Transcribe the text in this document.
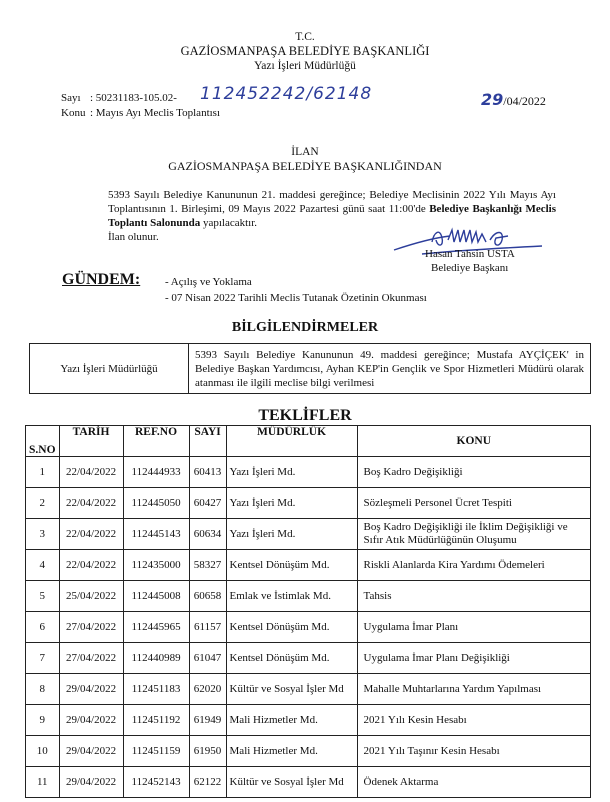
T.C.
GAZİOSMANPAŞA BELEDİYE BAŞKANLIĞI
Yazı İşleri Müdürlüğü
Sayı : 50231183-105.02- 112452242/62148	29/04/2022
Konu : Mayıs Ayı Meclis Toplantısı
İLAN
GAZİOSMANPAŞA BELEDİYE BAŞKANLIĞINDAN
5393 Sayılı Belediye Kanununun 21. maddesi gereğince; Belediye Meclisinin 2022 Yılı Mayıs Ayı Toplantısının 1. Birleşimi, 09 Mayıs 2022 Pazartesi günü saat 11:00'de Belediye Başkanlığı Meclis Toplantı Salonunda yapılacaktır.
İlan olunur.
Hasan Tahsin USTA
Belediye Başkanı
GÜNDEM: - Açılış ve Yoklama
- 07 Nisan 2022 Tarihli Meclis Tutanak Özetinin Okunması
BİLGİLENDİRMELER
Yazı İşleri Müdürlüğü	5393 Sayılı Belediye Kanununun 49. maddesi gereğince; Mustafa AYÇİÇEK' in Belediye Başkan Yardımcısı, Ayhan KEP'in Gençlik ve Spor Hizmetleri Müdürü olarak atanması ile ilgili meclise bilgi verilmesi
TEKLİFLER
S.NO	TARİH	REF.NO	SAYI	MÜDÜRLÜK	KONU
1	22/04/2022	112444933	60413	Yazı İşleri Md.	Boş Kadro Değişikliği
2	22/04/2022	112445050	60427	Yazı İşleri Md.	Sözleşmeli Personel Ücret Tespiti
3	22/04/2022	112445143	60634	Yazı İşleri Md.	Boş Kadro Değişikliği ile İklim Değişikliği ve Sıfır Atık Müdürlüğünün Oluşumu
4	22/04/2022	112435000	58327	Kentsel Dönüşüm Md.	Riskli Alanlarda Kira Yardımı Ödemeleri
5	25/04/2022	112445008	60658	Emlak ve İstimlak Md.	Tahsis
6	27/04/2022	112445965	61157	Kentsel Dönüşüm Md.	Uygulama İmar Planı
7	27/04/2022	112440989	61047	Kentsel Dönüşüm Md.	Uygulama İmar Planı Değişikliği
8	29/04/2022	112451183	62020	Kültür ve Sosyal İşler Md	Mahalle Muhtarlarına Yardım Yapılması
9	29/04/2022	112451192	61949	Mali Hizmetler Md.	2021 Yılı Kesin Hesabı
10	29/04/2022	112451159	61950	Mali Hizmetler Md.	2021 Yılı Taşınır Kesin Hesabı
11	29/04/2022	112452143	62122	Kültür ve Sosyal İşler Md	Ödenek Aktarma
